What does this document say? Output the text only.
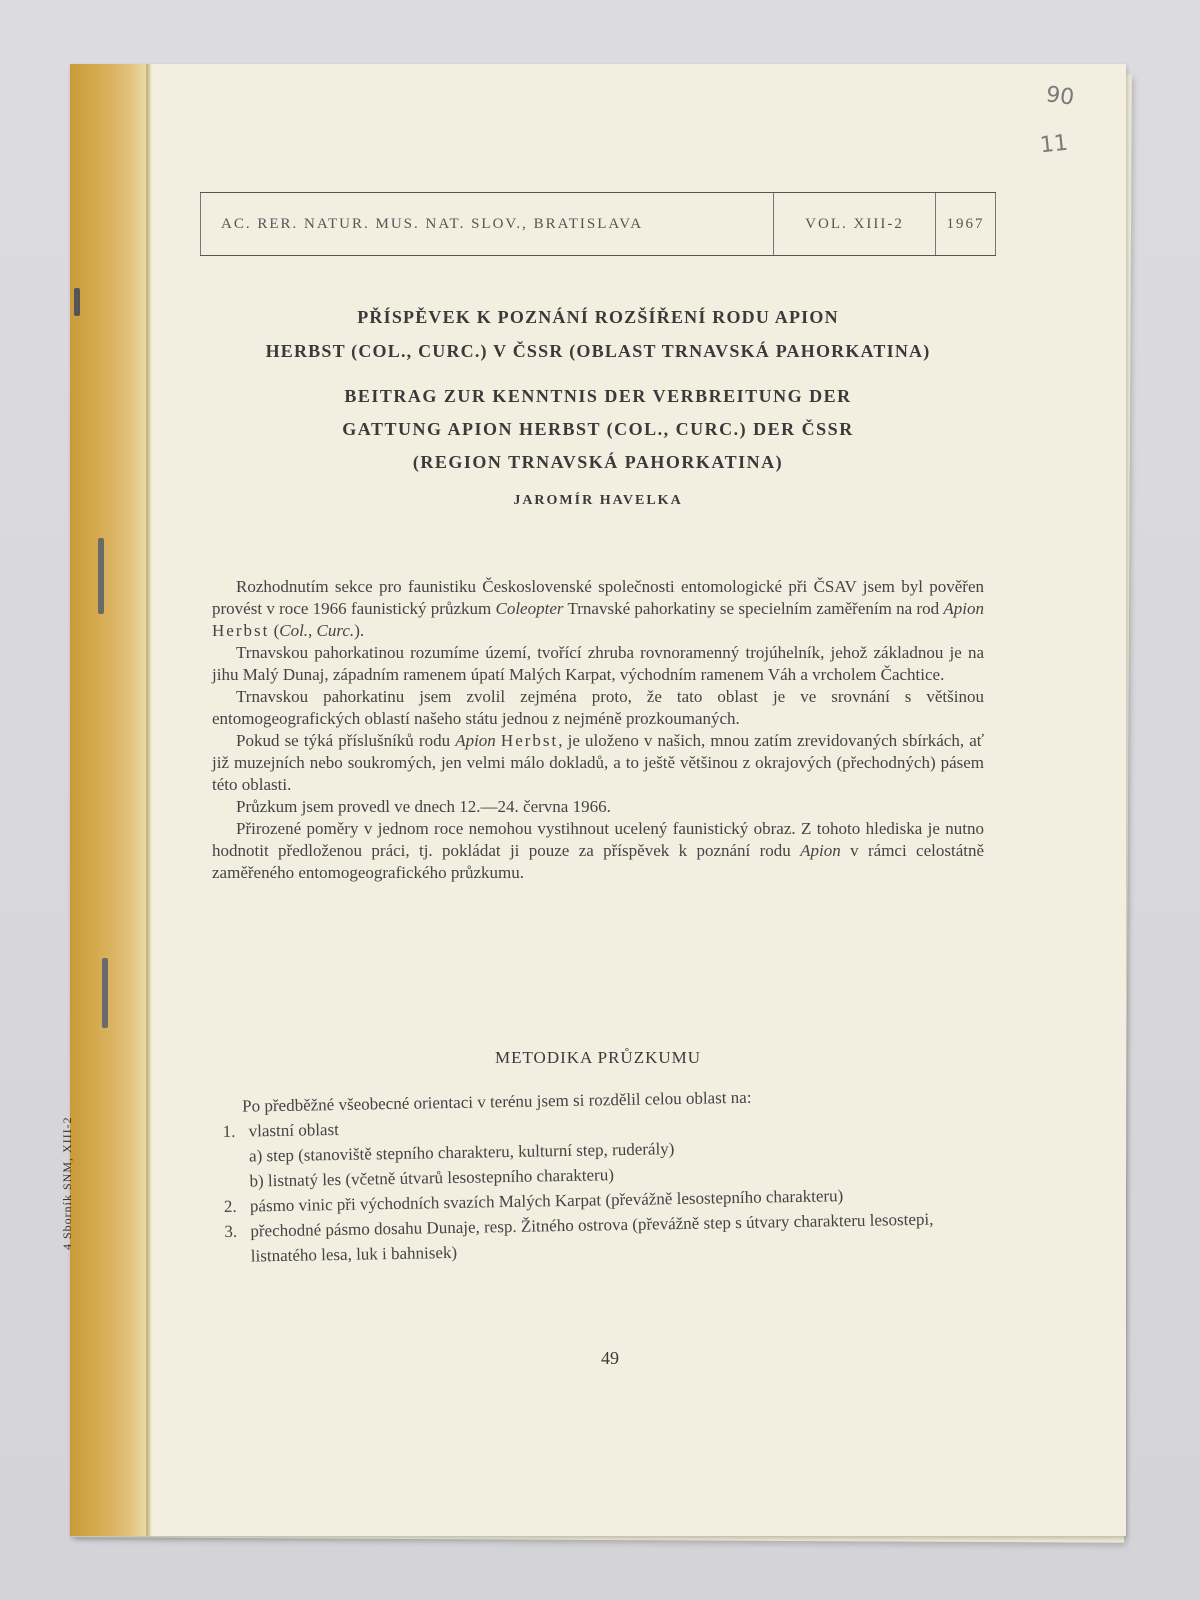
4 Sborník SNM, XIII-2
90
11
AC. RER. NATUR. MUS. NAT. SLOV., BRATISLAVA	VOL. XIII-2	1967
PŘÍSPĚVEK K POZNÁNÍ ROZŠÍŘENÍ RODU APION
HERBST (COL., CURC.) V ČSSR (OBLAST TRNAVSKÁ PAHORKATINA)
BEITRAG ZUR KENNTNIS DER VERBREITUNG DER
GATTUNG APION HERBST (COL., CURC.) DER ČSSR
(REGION TRNAVSKÁ PAHORKATINA)
JAROMÍR HAVELKA

Rozhodnutím sekce pro faunistiku Československé společnosti entomologické při ČSAV jsem byl pověřen provést v roce 1966 faunistický průzkum Coleopter Trnavské pahorkatiny se specielním zaměřením na rod Apion Herbst (Col., Curc.).

Trnavskou pahorkatinou rozumíme území, tvořící zhruba rovnoramenný trojúhelník, jehož základnou je na jihu Malý Dunaj, západním ramenem úpatí Malých Karpat, východním ramenem Váh a vrcholem Čachtice.

Trnavskou pahorkatinu jsem zvolil zejména proto, že tato oblast je ve srovnání s většinou entomogeografických oblastí našeho státu jednou z nejméně prozkoumaných.

Pokud se týká příslušníků rodu Apion Herbst, je uloženo v našich, mnou zatím zrevidovaných sbírkách, ať již muzejních nebo soukromých, jen velmi málo dokladů, a to ještě většinou z okrajových (přechodných) pásem této oblasti.

Průzkum jsem provedl ve dnech 12.—24. června 1966.

Přirozené poměry v jednom roce nemohou vystihnout ucelený faunistický obraz. Z tohoto hlediska je nutno hodnotit předloženou práci, tj. pokládat ji pouze za příspěvek k poznání rodu Apion v rámci celostátně zaměřeného entomogeografického průzkumu.

METODIKA PRŮZKUMU
Po předběžné všeobecné orientaci v terénu jsem si rozdělil celou oblast na:
1. vlastní oblast
a) step (stanoviště stepního charakteru, kulturní step, ruderály)
b) listnatý les (včetně útvarů lesostepního charakteru)
2. pásmo vinic při východních svazích Malých Karpat (převážně lesostepního charakteru)
3. přechodné pásmo dosahu Dunaje, resp. Žitného ostrova (převážně step s útvary charakteru lesostepi, listnatého lesa, luk i bahnisek)
49
